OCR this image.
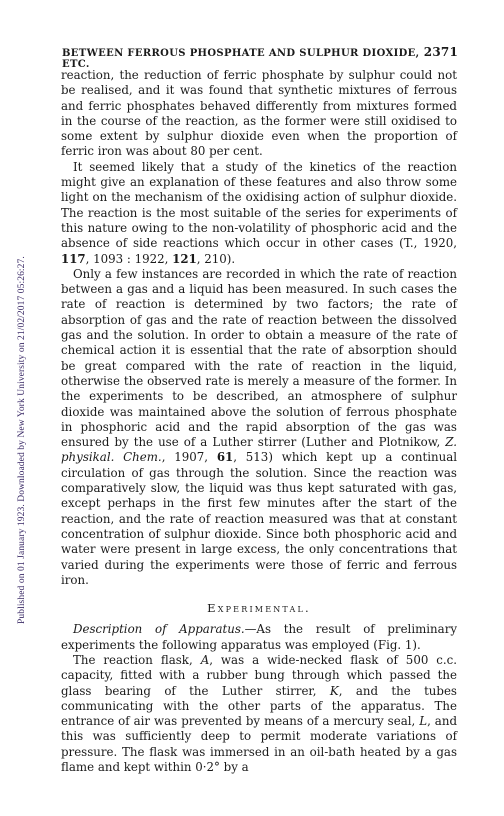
BETWEEN FERROUS PHOSPHATE AND SULPHUR DIOXIDE, ETC.
2371
Published on 01 January 1923. Downloaded by New York University on 21/02/2017 05:26:27.

reaction, the reduction of ferric phosphate by sulphur could not be realised, and it was found that synthetic mixtures of ferrous and ferric phosphates behaved differently from mixtures formed in the course of the reaction, as the former were still oxidised to some extent by sulphur dioxide even when the proportion of ferric iron was about 80 per cent.

It seemed likely that a study of the kinetics of the reaction might give an explanation of these features and also throw some light on the mechanism of the oxidising action of sulphur dioxide. The reaction is the most suitable of the series for experiments of this nature owing to the non-volatility of phosphoric acid and the absence of side reactions which occur in other cases (T., 1920, 117, 1093 : 1922, 121, 210).

Only a few instances are recorded in which the rate of reaction between a gas and a liquid has been measured. In such cases the rate of reaction is determined by two factors; the rate of absorption of gas and the rate of reaction between the dissolved gas and the solution. In order to obtain a measure of the rate of chemical action it is essential that the rate of absorption should be great compared with the rate of reaction in the liquid, otherwise the observed rate is merely a measure of the former. In the experiments to be described, an atmosphere of sulphur dioxide was maintained above the solution of ferrous phosphate in phosphoric acid and the rapid absorption of the gas was ensured by the use of a Luther stirrer (Luther and Plotnikow, Z. physikal. Chem., 1907, 61, 513) which kept up a continual circulation of gas through the solution. Since the reaction was comparatively slow, the liquid was thus kept saturated with gas, except perhaps in the first few minutes after the start of the reaction, and the rate of reaction measured was that at constant concentration of sulphur dioxide. Since both phosphoric acid and water were present in large excess, the only concentrations that varied during the experiments were those of ferric and ferrous iron.

Experimental.

Description of Apparatus.—As the result of preliminary experiments the following apparatus was employed (Fig. 1).

The reaction flask, A, was a wide-necked flask of 500 c.c. capacity, fitted with a rubber bung through which passed the glass bearing of the Luther stirrer, K, and the tubes communicating with the other parts of the apparatus. The entrance of air was prevented by means of a mercury seal, L, and this was sufficiently deep to permit moderate variations of pressure. The flask was immersed in an oil-bath heated by a gas flame and kept within 0·2° by a
